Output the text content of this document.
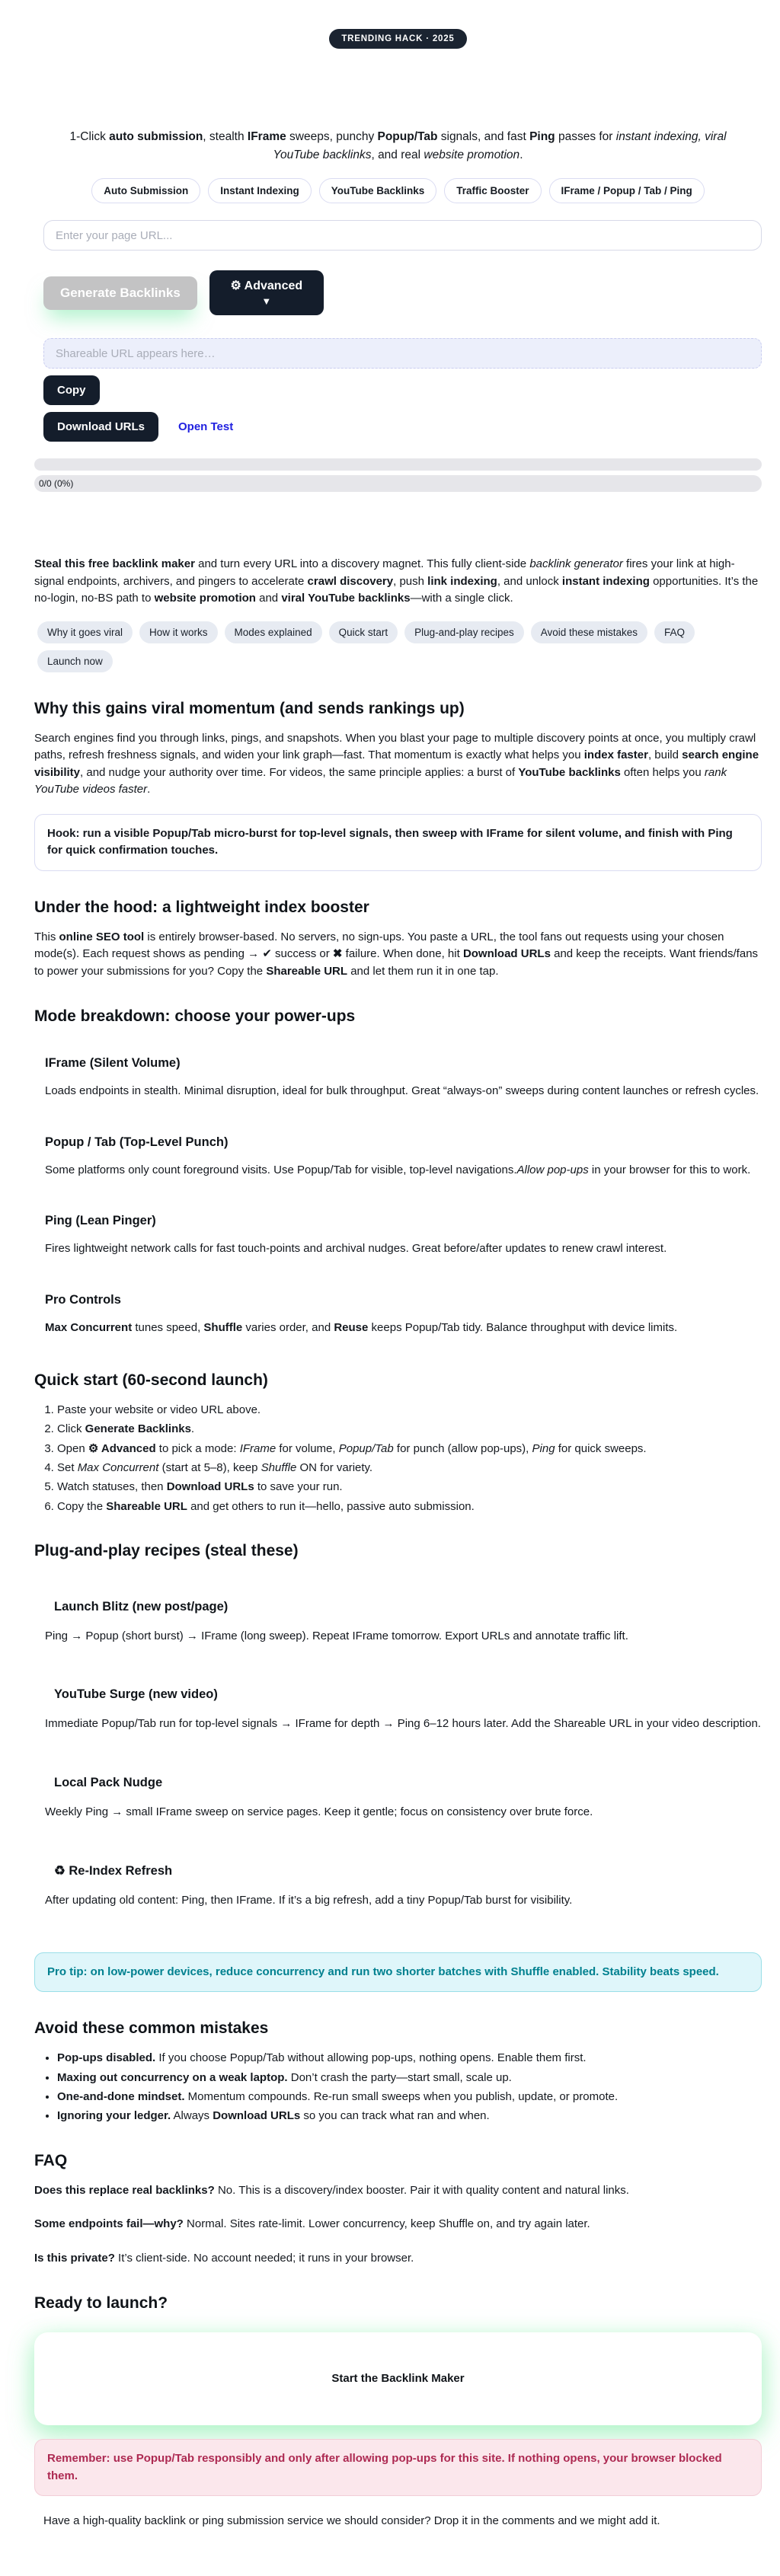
TRENDING HACK · 2025

1-Click auto submission, stealth IFrame sweeps, punchy Popup/Tab signals, and fast Ping passes for instant indexing, viral YouTube backlinks, and real website promotion.

Auto Submission	Instant Indexing	YouTube Backlinks	Traffic Booster	IFrame / Popup / Tab / Ping
Enter your page URL...
Generate Backlinks	⚙ Advanced
▼
Shareable URL appears here… Copy
Download URLs	Open Test
0/0 (0%)

Steal this free backlink maker and turn every URL into a discovery magnet. This fully client-side backlink generator fires your link at high-signal endpoints, archivers, and pingers to accelerate crawl discovery, push link indexing, and unlock instant indexing opportunities. It’s the no-login, no-BS path to website promotion and viral YouTube backlinks—with a single click.

Why it goes viral	How it works	Modes explained	Quick start	Plug-and-play recipes	Avoid these mistakes	FAQ
Launch now
Why this gains viral momentum (and sends rankings up)

Search engines find you through links, pings, and snapshots. When you blast your page to multiple discovery points at once, you multiply crawl paths, refresh freshness signals, and widen your link graph—fast. That momentum is exactly what helps you index faster, build search engine visibility, and nudge your authority over time. For videos, the same principle applies: a burst of YouTube backlinks often helps you rank YouTube videos faster.

Hook: run a visible Popup/Tab micro-burst for top-level signals, then sweep with IFrame for silent volume, and finish with Ping for quick confirmation touches.
Under the hood: a lightweight index booster

This online SEO tool is entirely browser-based. No servers, no sign-ups. You paste a URL, the tool fans out requests using your chosen mode(s). Each request shows as pending → ✔ success or ✖ failure. When done, hit Download URLs and keep the receipts. Want friends/fans to power your submissions for you? Copy the Shareable URL and let them run it in one tap.

Mode breakdown: choose your power-ups
IFrame (Silent Volume)

Loads endpoints in stealth. Minimal disruption, ideal for bulk throughput. Great “always-on” sweeps during content launches or refresh cycles.

Popup / Tab (Top-Level Punch)

Some platforms only count foreground visits. Use Popup/Tab for visible, top-level navigations.Allow pop-ups in your browser for this to work.

Ping (Lean Pinger)

Fires lightweight network calls for fast touch-points and archival nudges. Great before/after updates to renew crawl interest.

Pro Controls

Max Concurrent tunes speed, Shuffle varies order, and Reuse keeps Popup/Tab tidy. Balance throughput with device limits.

Quick start (60-second launch)
1. Paste your website or video URL above.
2. Click Generate Backlinks.
3. Open ⚙ Advanced to pick a mode: IFrame for volume, Popup/Tab for punch (allow pop-ups), Ping for quick sweeps.
4. Set Max Concurrent (start at 5–8), keep Shuffle ON for variety.
5. Watch statuses, then Download URLs to save your run.
6. Copy the Shareable URL and get others to run it—hello, passive auto submission.
Plug-and-play recipes (steal these)
Launch Blitz (new post/page)

Ping → Popup (short burst) → IFrame (long sweep). Repeat IFrame tomorrow. Export URLs and annotate traffic lift.

YouTube Surge (new video)

Immediate Popup/Tab run for top-level signals → IFrame for depth → Ping 6–12 hours later. Add the Shareable URL in your video description.

Local Pack Nudge

Weekly Ping → small IFrame sweep on service pages. Keep it gentle; focus on consistency over brute force.

♻ Re-Index Refresh

After updating old content: Ping, then IFrame. If it’s a big refresh, add a tiny Popup/Tab burst for visibility.

Pro tip: on low-power devices, reduce concurrency and run two shorter batches with Shuffle enabled. Stability beats speed.
Avoid these common mistakes
• Pop-ups disabled. If you choose Popup/Tab without allowing pop-ups, nothing opens. Enable them first.
• Maxing out concurrency on a weak laptop. Don’t crash the party—start small, scale up.
• One-and-done mindset. Momentum compounds. Re-run small sweeps when you publish, update, or promote.
• Ignoring your ledger. Always Download URLs so you can track what ran and when.
FAQ

Does this replace real backlinks? No. This is a discovery/index booster. Pair it with quality content and natural links.

Some endpoints fail—why? Normal. Sites rate-limit. Lower concurrency, keep Shuffle on, and try again later.

Is this private? It’s client-side. No account needed; it runs in your browser.

Ready to launch?
Start the Backlink Maker
Remember: use Popup/Tab responsibly and only after allowing pop-ups for this site. If nothing opens, your browser blocked them.

Have a high-quality backlink or ping submission service we should consider? Drop it in the comments and we might add it.
